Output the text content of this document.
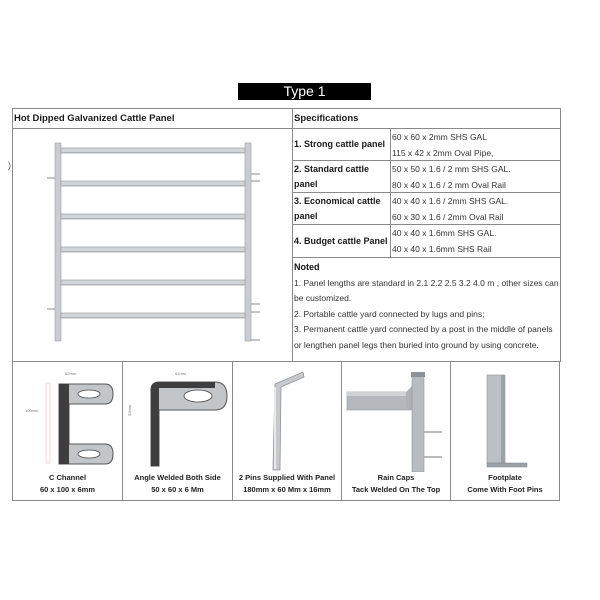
Type 1
)
Hot Dipped Galvanized Cattle Panel	Specifications
1. Strong cattle panel
60 x 60 x 2mm SHS GAL
115 x 42 x 2mm Oval Pipe,
2. Standard cattle panel
50 x 50 x 1.6 / 2 mm SHS GAL.
80 x 40 x 1.6 / 2 mm Oval Rail
3. Economical cattle panel
40 x 40 x 1.6 / 2mm SHS GAL.
60 x 30 x 1.6 / 2mm Oval Rail
4. Budget cattle Panel
40 x 40 x 1.6mm SHS GAL.
40 x 40 x 1.6mm SHS Rail
Noted
1. Panel lengths are standard in 2.1 2.2 2.5 3.2 4.0 m , other sizes can be customized.
2. Portable cattle yard connected by lugs and pins;
3. Permanent cattle yard connected by a post in the middle of panels or lengthen panel legs then buried into ground by using concrete.
62mm
100mm
C Channel
60 x 100 x 6mm
62mm
50mm
Angle Welded Both Side
50 x 60 x 6 Mm
2 Pins Supplied With Panel
180mm x 60 Mm x 16mm
Rain Caps
Tack Welded On The Top
Footplate
Come With Foot Pins
